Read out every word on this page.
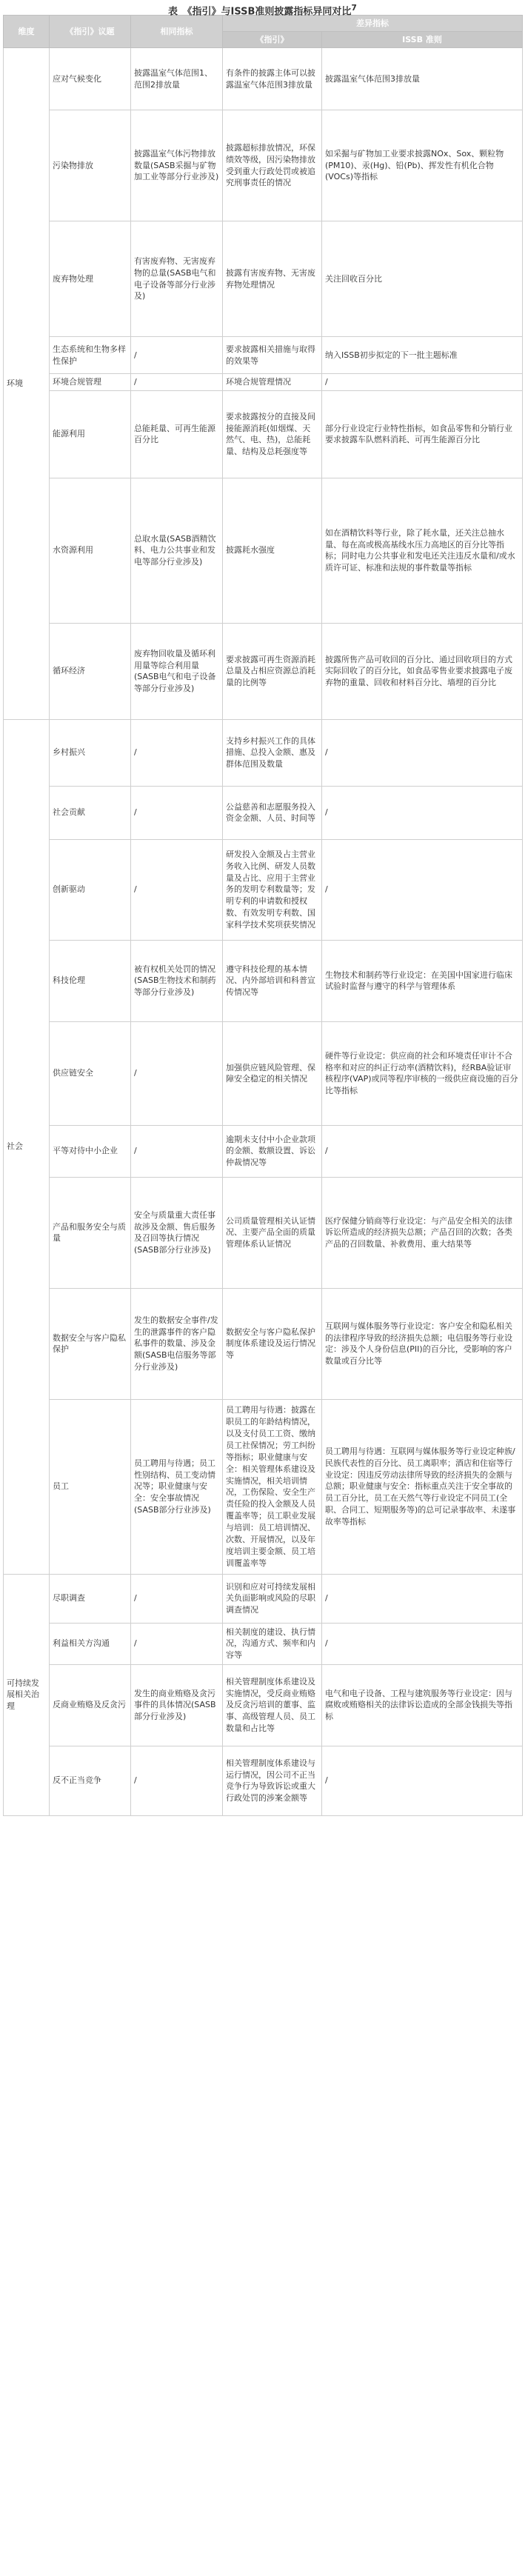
表　《指引》与ISSB准则披露指标异同对比$^7$
维度	《指引》议题	相同指标	差异指标	
			《指引》	ISSB 准则
环境	应对气候变化	披露温室气体范围1、范围2排放量	有条件的披露主体可以披露温室气体范围3排放量	披露温室气体范围3排放量
	污染物排放	披露温室气体污物排放数量(SASB采掘与矿物加工业等部分行业涉及)	披露超标排放情况，环保绩效等级，因污染物排放受到重大行政处罚或被追究刑事责任的情况	如采掘与矿物加工业要求披露NOx、Sox、颗粒物(PM10)、汞(Hg)、铅(Pb)、挥发性有机化合物(VOCs)等指标
	废弃物处理	有害废弃物、无害废弃物的总量(SASB电气和电子设备等部分行业涉及)	披露有害废弃物、无害废弃物处理情况	关注回收百分比
	生态系统和生物多样性保护	/	要求披露相关措施与取得的效果等	纳入ISSB初步拟定的下一批主题标准
	环境合规管理	/	环境合规管理情况	/
	能源利用	总能耗量、可再生能源百分比	要求披露按分的直接及间接能源消耗(如烟煤、天然气、电、热)，总能耗量、结构及总耗强度等	部分行业设定行业特性指标，如食品零售和分销行业要求披露车队燃料消耗、可再生能源百分比
	水资源利用	总取水量(SASB酒精饮料、电力公共事业和发电等部分行业涉及)	披露耗水强度	如在酒精饮料等行业，除了耗水量，还关注总抽水量、每在高或极高基线水压力高地区的百分比等指标；同时电力公共事业和发电还关注违反水量和/或水质许可证、标准和法规的事件数量等指标
	循环经济	废弃物回收量及循环利用量等综合利用量(SASB电气和电子设备等部分行业涉及)	要求披露可再生资源消耗总量及占相应资源总消耗量的比例等	披露所售产品可收回的百分比、通过回收项目的方式实际回收了的百分比，如食品零售业要求披露电子废弃物的重量、回收和材料百分比、墙埋的百分比
社会	乡村振兴	/	支持乡村振兴工作的具体措施、总投入金额、惠及群体范围及数量	/
	社会贡献	/	公益慈善和志愿服务投入资金金额、人员、时间等	/
	创新驱动	/	研发投入金额及占主营业务收入比例、研发人员数量及占比、应用于主营业务的发明专利数量等；发明专利的申请数和授权数、有效发明专利数、国家科学技术奖项获奖情况	/
	科技伦理	被有权机关处罚的情况(SASB生物技术和制药等部分行业涉及)	遵守科技伦理的基本情况、内外部培训和科普宣传情况等	生物技术和制药等行业设定：在美国中国家进行临床试验时监督与遵守的科学与管理体系
	供应链安全	/	加强供应链风险管理、保障安全稳定的相关情况	硬件等行业设定：供应商的社会和环境责任审计不合格率和对应的纠正行动率(酒精饮料)，经RBA验证审核程序(VAP)或同等程序审核的一级供应商设施的百分比等指标
	平等对待中小企业	/	逾期未支付中小企业款项的金额、数额设置、诉讼仲裁情况等	/
	产品和服务安全与质量	安全与质量重大责任事故涉及金额、售后服务及召回等执行情况(SASB部分行业涉及)	公司质量管理相关认证情况、主要产品全面的质量管理体系认证情况	医疗保健分销商等行业设定：与产品安全相关的法律诉讼所造成的经济损失总额；产品召回的次数；各类产品的召回数量、补救费用、重大结果等
	数据安全与客户隐私保护	发生的数据安全事件/发生的泄露事件的客户隐私事件的数量、涉及金额(SASB电信服务等部分行业涉及)	数据安全与客户隐私保护制度体系建设及运行情况等	互联网与媒体服务等行业设定：客户安全和隐私相关的法律程序导致的经济损失总额；电信服务等行业设定：涉及个人身份信息(PII)的百分比，受影响的客户数量或百分比等
	员工	员工聘用与待遇；员工性别结构、员工变动情况等；职业健康与安全：安全事故情况(SASB部分行业涉及)	员工聘用与待遇：披露在职员工的年龄结构情况，以及支付员工工资、缴纳员工社保情况；劳工纠纷等指标；职业健康与安全：相关管理体系建设及实施情况，相关培训情况，工伤保险、安全生产责任险的投入金额及人员覆盖率等；员工职业发展与培训：员工培训情况、次数、开展情况，以及年度培训主要金额、员工培训覆盖率等	员工聘用与待遇：互联网与媒体服务等行业设定种族/民族代表性的百分比、员工离职率；酒店和住宿等行业设定：因违反劳动法律所导致的经济损失的金额与总额；职业健康与安全：指标重点关注于安全事故的员工百分比，员工在天然气等行业设定不同员工(全职、合同工、短期服务等)的总可记录事故率、未遂事故率等指标
可持续发展相关治理	尽职调查	/	识别和应对可持续发展相关负面影响或风险的尽职调查情况	/
	利益相关方沟通	/	相关制度的建设、执行情况，沟通方式、频率和内容等	/
	反商业贿赂及反贪污	发生的商业贿赂及贪污事件的具体情况(SASB部分行业涉及)	相关管理制度体系建设及实施情况，受反商业贿赂及反贪污培训的董事、监事、高级管理人员、员工数量和占比等	电气和电子设备、工程与建筑服务等行业设定：因与腐败或贿赂相关的法律诉讼造成的全部金钱损失等指标
	反不正当竞争	/	相关管理制度体系建设与运行情况，因公司不正当竞争行为导致诉讼或重大行政处罚的涉案金额等	/
